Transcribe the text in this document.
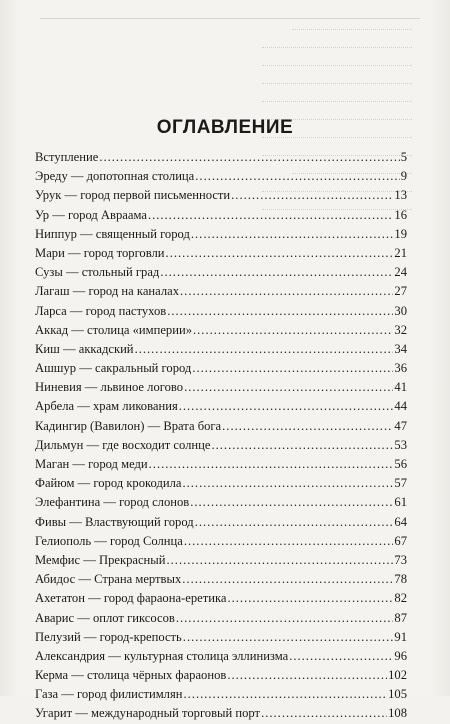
ОГЛАВЛЕНИЕ
Вступление .....	5
Эреду — допотопная столица .....	9
Урук — город первой письменности .....	13
Ур — город Авраама .....	16
Ниппур — священный город .....	19
Мари — город торговли .....	21
Сузы — стольный град .....	24
Лагаш — город на каналах .....	27
Ларса — город пастухов .....	30
Аккад — столица «империи» .....	32
Киш — аккадский .....	34
Ашшур — сакральный город .....	36
Ниневия — львиное логово .....	41
Арбела — храм ликования .....	44
Кадингир (Вавилон) — Врата бога .....	47
Дильмун — где восходит солнце .....	53
Маган — город меди .....	56
Файюм — город крокодила .....	57
Элефантина — город слонов .....	61
Фивы — Властвующий город .....	64
Гелиополь — город Солнца .....	67
Мемфис — Прекрасный .....	73
Абидос — Страна мертвых .....	78
Ахетатон — город фараона-еретика .....	82
Аварис — оплот гиксосов .....	87
Пелузий — город-крепость .....	91
Александрия — культурная столица эллинизма .....	96
Керма — столица чёрных фараонов .....	102
Газа — город филистимлян .....	105
Угарит — международный торговый порт .....	108
